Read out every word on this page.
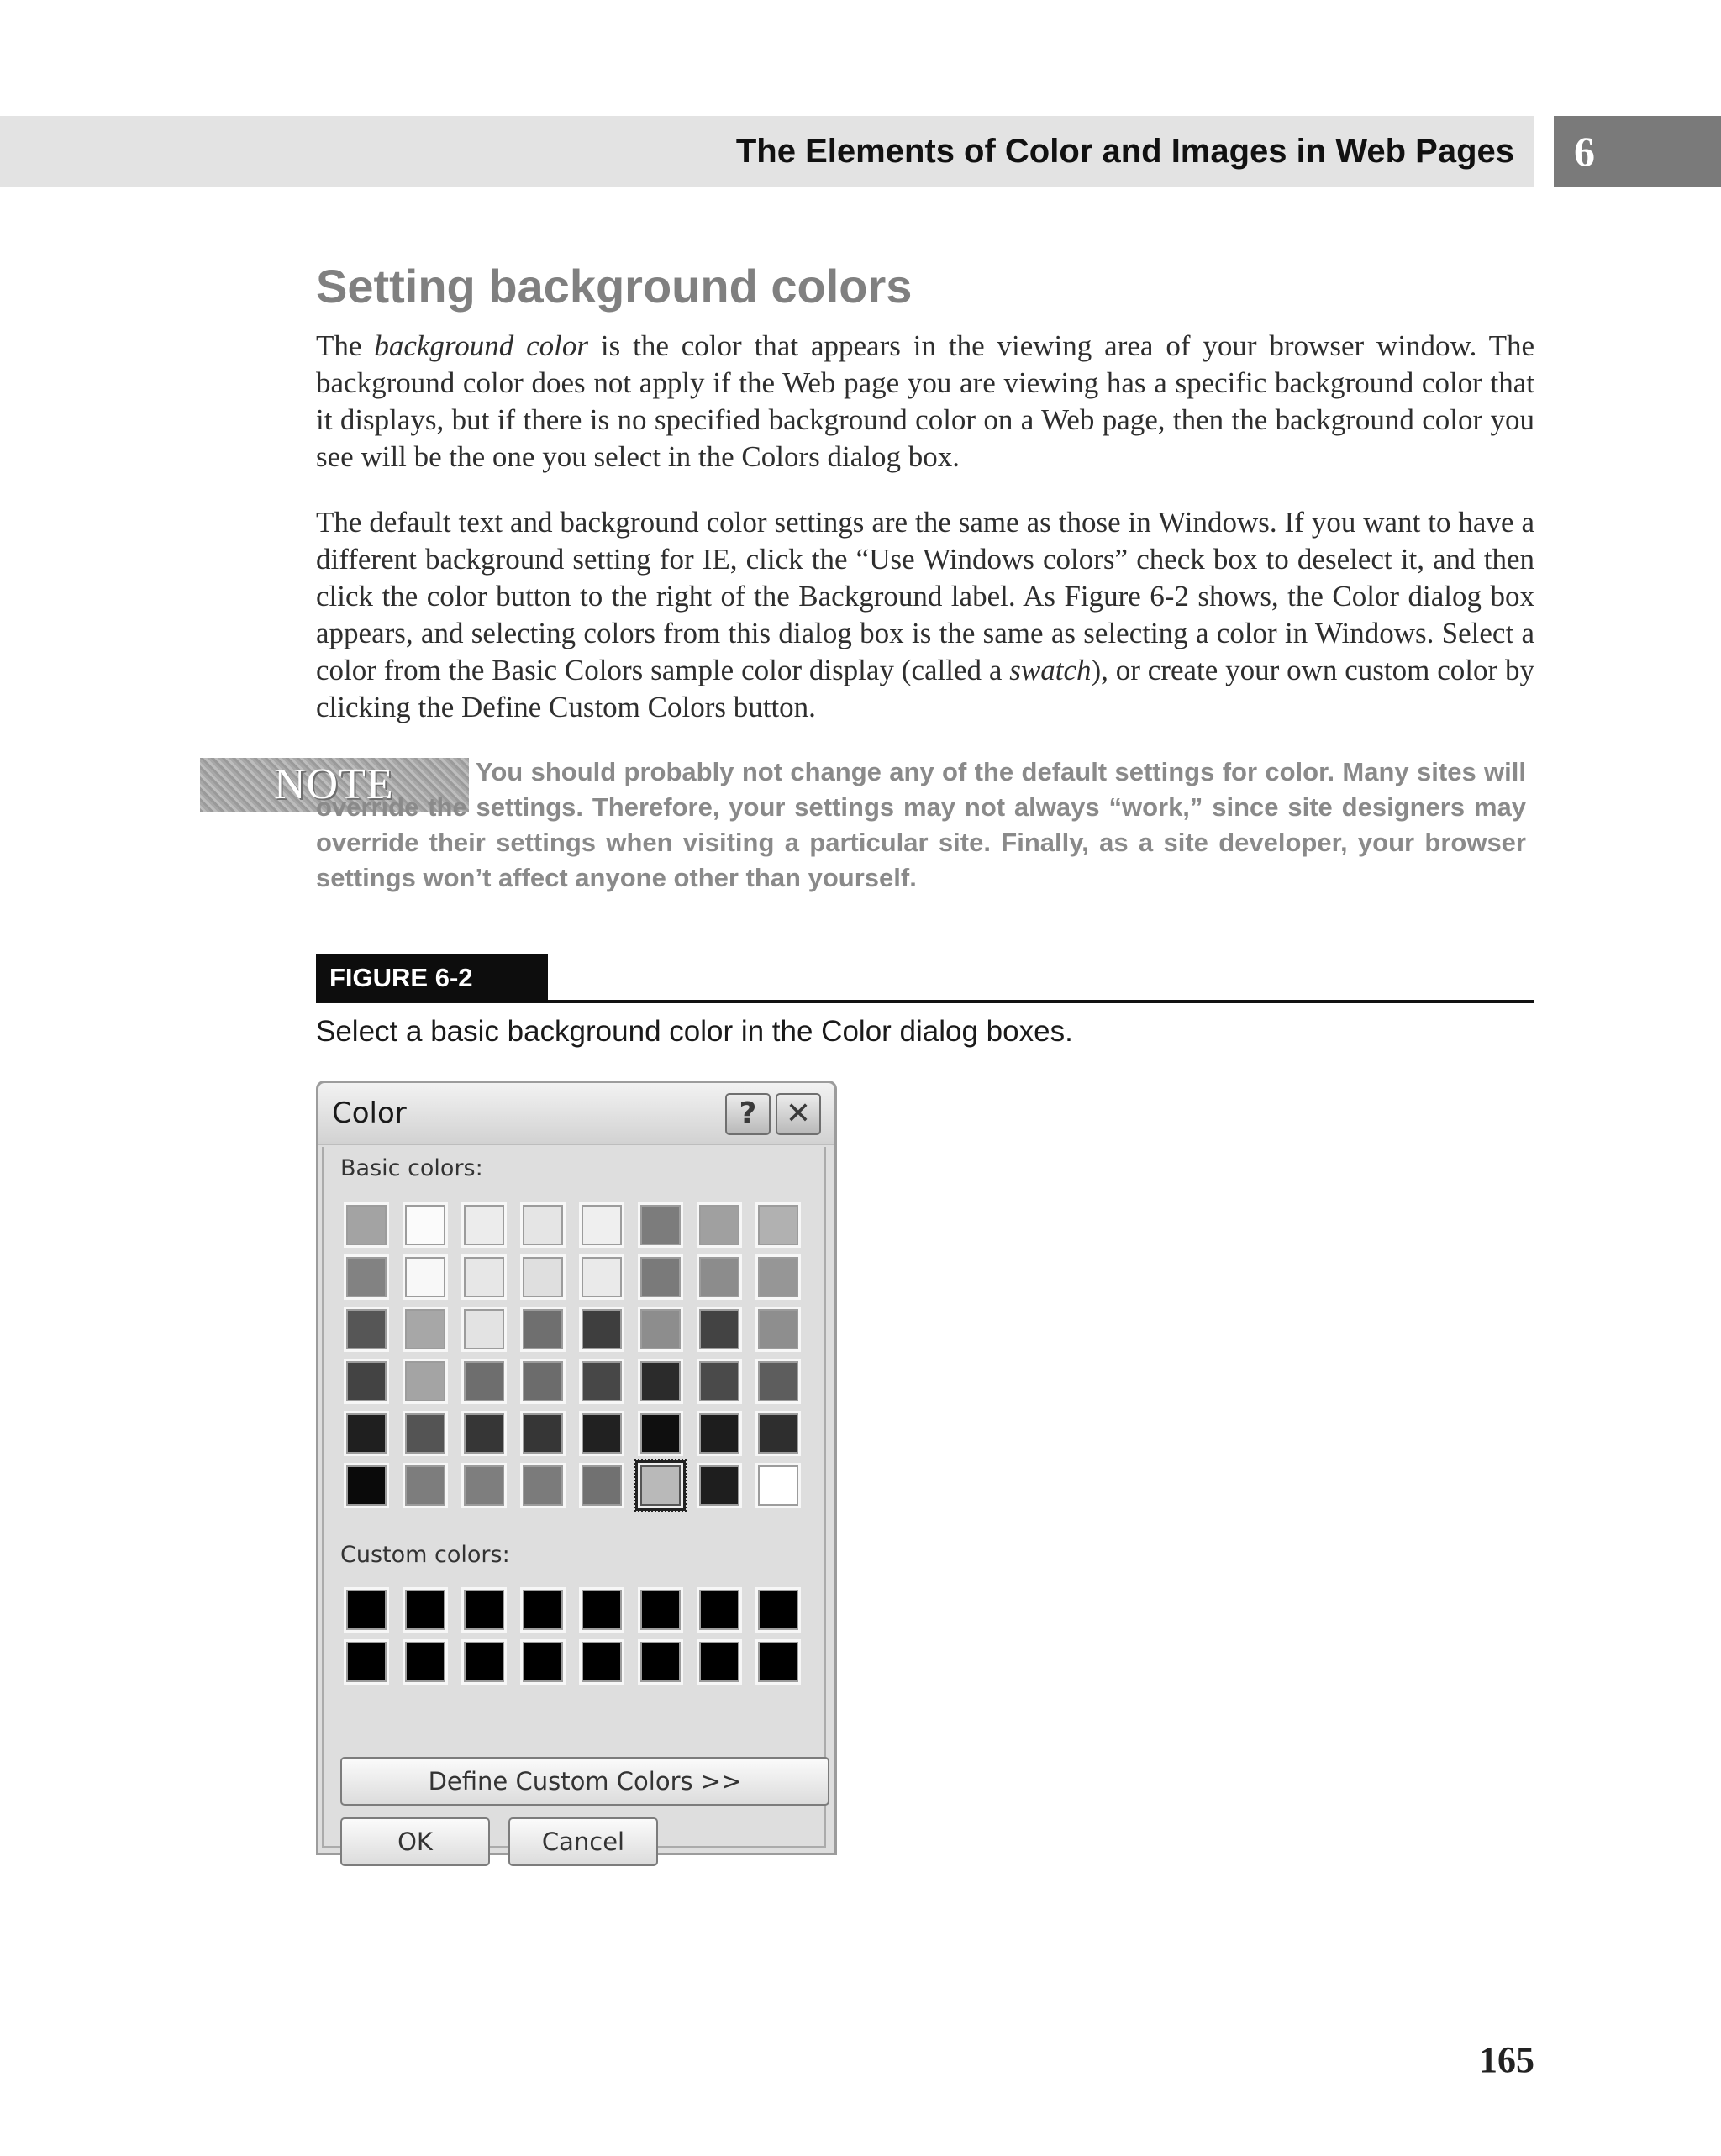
The Elements of Color and Images in Web Pages 6
Setting background colors

The background color is the color that appears in the viewing area of your browser window. The background color does not apply if the Web page you are viewing has a specific background color that it displays, but if there is no specified background color on a Web page, then the background color you see will be the one you select in the Colors dialog box.

The default text and background color settings are the same as those in Windows. If you want to have a different background setting for IE, click the “Use Windows colors” check box to deselect it, and then click the color button to the right of the Background label. As Figure 6-2 shows, the Color dialog box appears, and selecting colors from this dialog box is the same as selecting a color in Windows. Select a color from the Basic Colors sample color display (called a swatch), or create your own custom color by clicking the Define Custom Colors button.

NOTE	You should probably not change any of the default settings for color. Many sites will override the settings. Therefore, your settings may not always “work,” since site designers may override their settings when visiting a particular site. Finally, as a site developer, your browser settings won’t affect anyone other than yourself.

FIGURE 6-2

Select a basic background color in the Color dialog boxes.

Color	? ✕
Basic colors:
Custom colors:
Define Custom Colors >>
OK	Cancel
165
